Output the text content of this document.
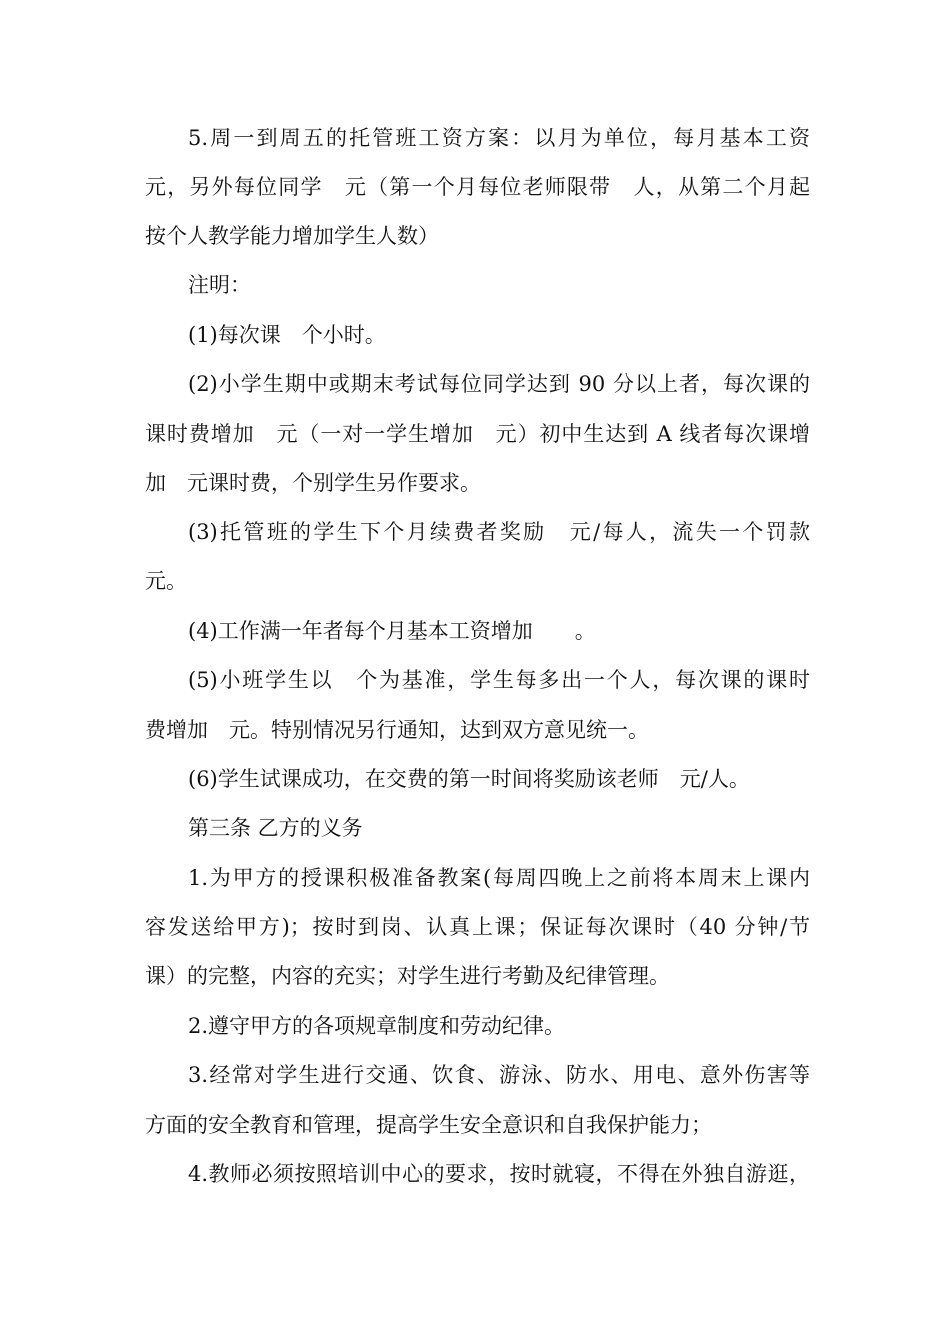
5.周一到周五的托管班工资方案：以月为单位，每月基本工资
元，另外每位同学　元（第一个月每位老师限带　人，从第二个月起
按个人教学能力增加学生人数）
注明：
(1)每次课　个小时。
(2)小学生期中或期末考试每位同学达到 90 分以上者，每次课的
课时费增加　元（一对一学生增加　元）初中生达到 A 线者每次课增
加　元课时费，个别学生另作要求。
(3)托管班的学生下个月续费者奖励　元/每人，流失一个罚款
元。
(4)工作满一年者每个月基本工资增加　　。
(5)小班学生以　个为基准，学生每多出一个人，每次课的课时
费增加　元。特别情况另行通知，达到双方意见统一。
(6)学生试课成功，在交费的第一时间将奖励该老师　元/人。
第三条 乙方的义务
1.为甲方的授课积极准备教案(每周四晚上之前将本周末上课内
容发送给甲方)；按时到岗、认真上课；保证每次课时（40 分钟/节
课）的完整，内容的充实；对学生进行考勤及纪律管理。
2.遵守甲方的各项规章制度和劳动纪律。
3.经常对学生进行交通、饮食、游泳、防水、用电、意外伤害等
方面的安全教育和管理，提高学生安全意识和自我保护能力；
4.教师必须按照培训中心的要求，按时就寝，不得在外独自游逛，
